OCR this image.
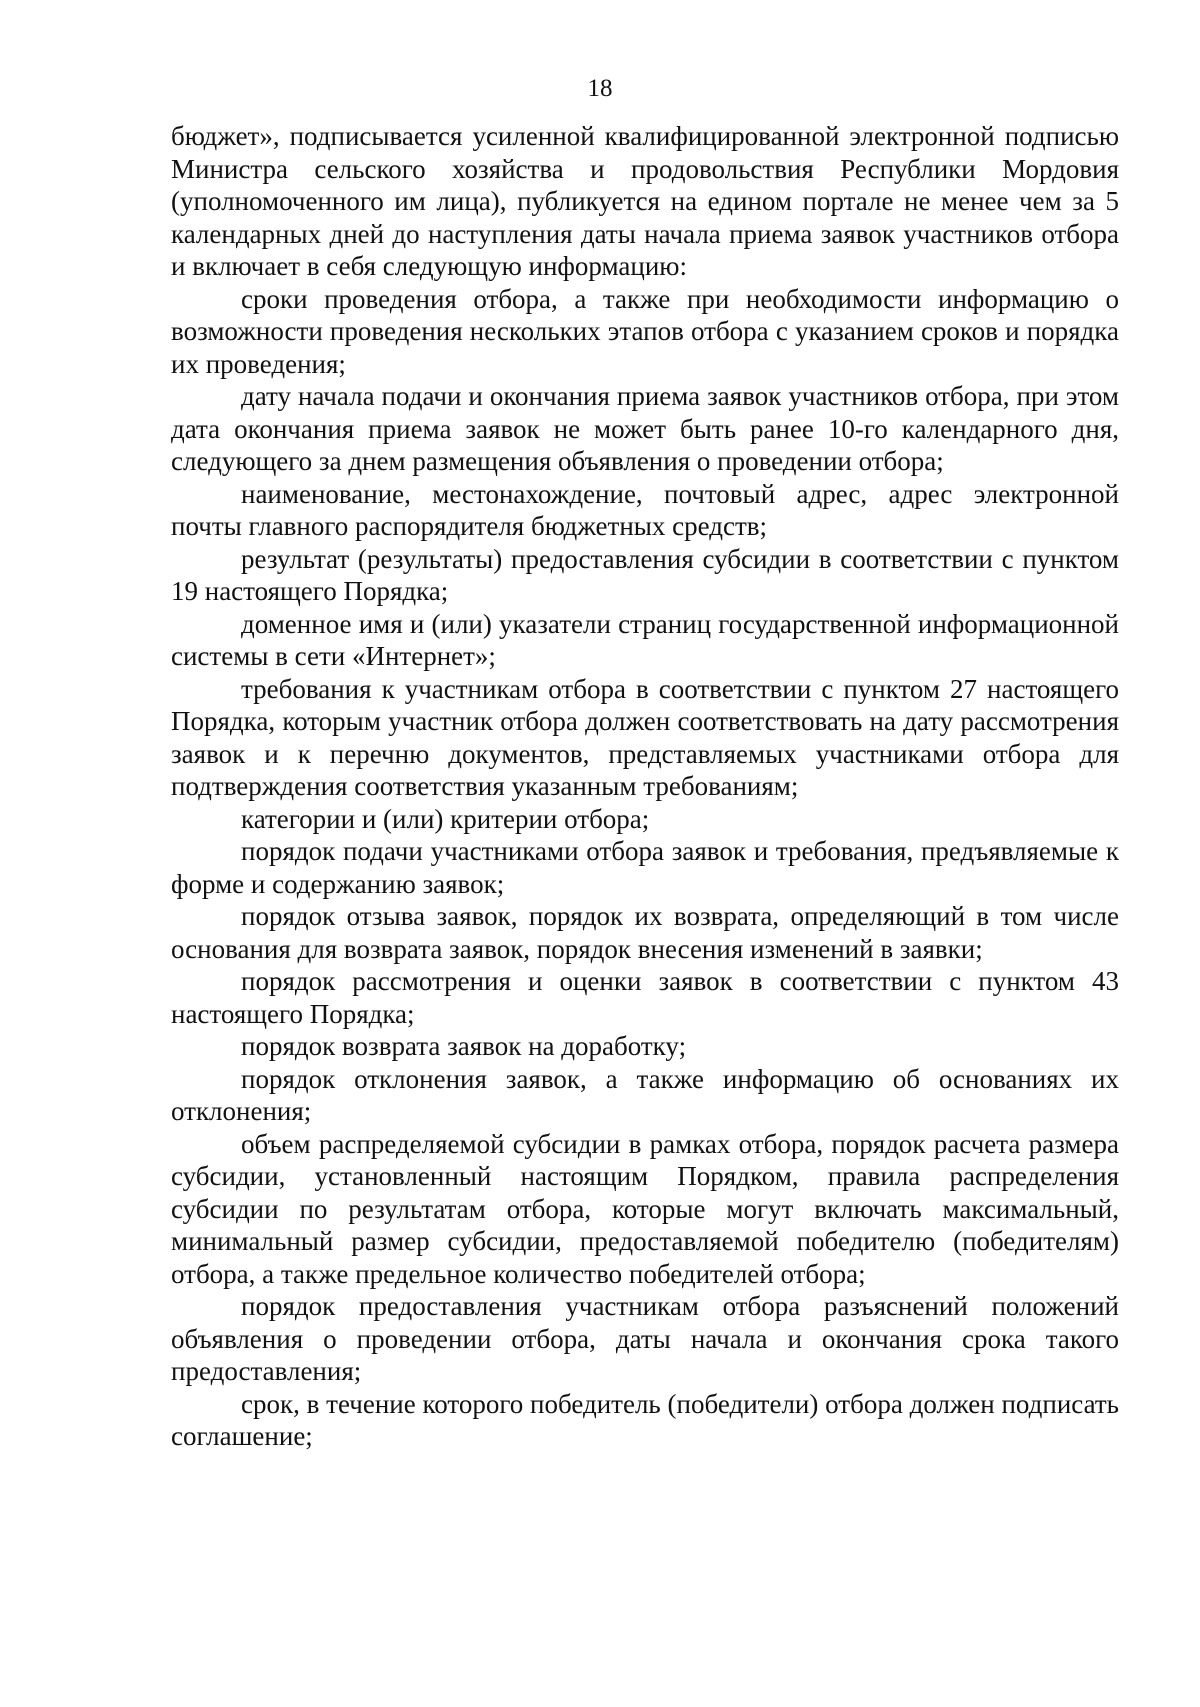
18

бюджет», подписывается усиленной квалифицированной электронной подписью Министра сельского хозяйства и продовольствия Республики Мордовия (уполномоченного им лица), публикуется на едином портале не менее чем за 5 календарных дней до наступления даты начала приема заявок участников отбора и включает в себя следующую информацию:

сроки проведения отбора, а также при необходимости информацию о возможности проведения нескольких этапов отбора с указанием сроков и порядка их проведения;

дату начала подачи и окончания приема заявок участников отбора, при этом дата окончания приема заявок не может быть ранее 10-го календарного дня, следующего за днем размещения объявления о проведении отбора;

наименование, местонахождение, почтовый адрес, адрес электронной почты главного распорядителя бюджетных средств;

результат (результаты) предоставления субсидии в соответствии с пунктом 19 настоящего Порядка;

доменное имя и (или) указатели страниц государственной информационной системы в сети «Интернет»;

требования к участникам отбора в соответствии с пунктом 27 настоящего Порядка, которым участник отбора должен соответствовать на дату рассмотрения заявок и к перечню документов, представляемых участниками отбора для подтверждения соответствия указанным требованиям;

категории и (или) критерии отбора;

порядок подачи участниками отбора заявок и требования, предъявляемые к форме и содержанию заявок;

порядок отзыва заявок, порядок их возврата, определяющий в том числе основания для возврата заявок, порядок внесения изменений в заявки;

порядок рассмотрения и оценки заявок в соответствии с пунктом 43 настоящего Порядка;

порядок возврата заявок на доработку;

порядок отклонения заявок, а также информацию об основаниях их отклонения;

объем распределяемой субсидии в рамках отбора, порядок расчета размера субсидии, установленный настоящим Порядком, правила распределения субсидии по результатам отбора, которые могут включать максимальный, минимальный размер субсидии, предоставляемой победителю (победителям) отбора, а также предельное количество победителей отбора;

порядок предоставления участникам отбора разъяснений положений объявления о проведении отбора, даты начала и окончания срока такого предоставления;

срок, в течение которого победитель (победители) отбора должен подписать соглашение;
